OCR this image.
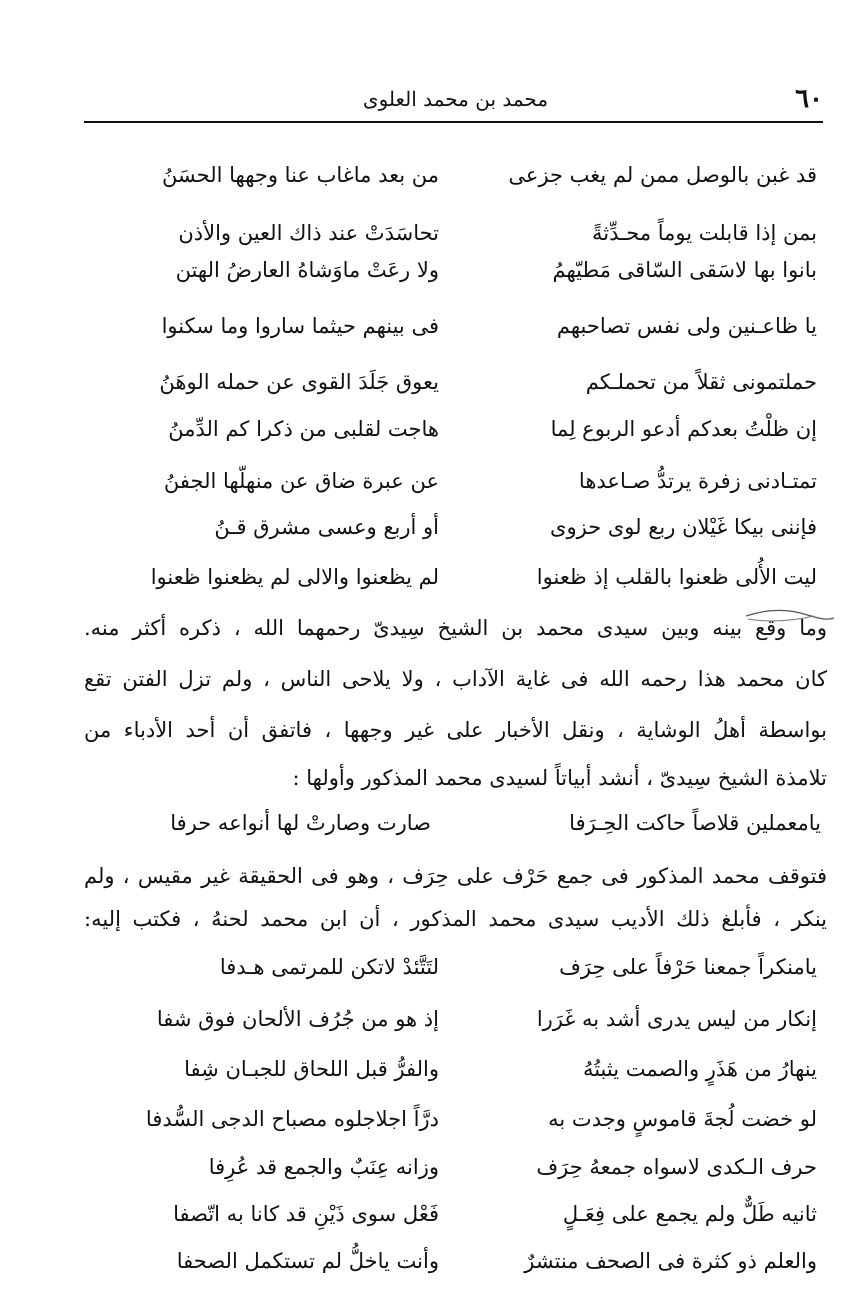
٦٠
محمد بن محمد العلوى
قد غبن بالوصل ممن لم يغب جزعى
من بعد ماغاب عنا وجهها الحسَنُ
بمن إذا قابلت يوماً محـدِّثةً
تحاسَدَتْ عند ذاك العين والأذن
بانوا بها لاسَقى السّاقى مَطيّهمُ
ولا رعَتْ ماوَشاهُ العارضُ الهتن
يا ظاعـنين ولى نفس تصاحبهم
فى بينهم حيثما ساروا وما سكنوا
حملتمونى ثقلاً من تحملـكم
يعوق جَلَدَ القوى عن حمله الوهَنُ
إن ظلْتُ بعدكم أدعو الربوع لِما
هاجت لقلبى من ذكرا كم الدِّمنُ
تمتـادنى زفرة يرتدُّ صـاعدها
عن عبرة ضاق عن منهلّها الجفنُ
فإننى بيكا غَيْلان ربع لوى حزوى
أو أربع وعسى مشرق قـنُ
ليت الأُلى ظعنوا بالقلب إذ ظعنوا
لم يظعنوا والالى لم يظعنوا ظعنوا
وما وقع بينه وبين سيدى محمد بن الشيخ سِيدىّ رحمهما الله ، ذكره أكثر منه.
كان محمد هذا رحمه الله فى غاية الآداب ، ولا يلاحى الناس ، ولم تزل الفتن تقع
بواسطة أهلُ الوشاية ، ونقل الأخبار على غير وجهها ، فاتفق أن أحد الأدباء من
تلامذة الشيخ سِيدىّ ، أنشد أبياتاً لسيدى محمد المذكور وأولها :
يامعملين قلاصاً حاكت الحِـرَفا
صارت وصارتْ لها أنواعه حرفا
فتوقف محمد المذكور فى جمع حَرْف على حِرَف ، وهو فى الحقيقة غير مقيس ، ولم
ينكر ، فأبلغ ذلك الأديب سيدى محمد المذكور ، أن ابن محمد لحنهُ ، فكتب إليه:
يامنكراً جمعنا حَرْفاً على حِرَف
لتَتَّئدْ لاتكن للمرتمى هـدفا
إنكار من ليس يدرى أشد به غَرَرا
إذ هو من جُرُف الألحان فوق شفا
ينهارُ من هَذَرٍ والصمت يثبتُهُ
والفرُّ قبل اللحاق للجبـان شِفا
لو خضت لُجةَ قاموسٍ وجدت به
درَّاً اجلاجلوه مصباح الدجى السُّدفا
حرف الـكدى لاسواه جمعهُ حِرَف
وزانه عِنَبٌ والجمع قد عُرِفا
ثانيه طَلٌّ ولم يجمع على فِعَـلٍ
فَعْل سوى ذَيْنِ قد كانا به اتّصفا
والعلم ذو كثرة فى الصحف منتشرٌ
وأنت ياخلُّ لم تستكمل الصحفا
